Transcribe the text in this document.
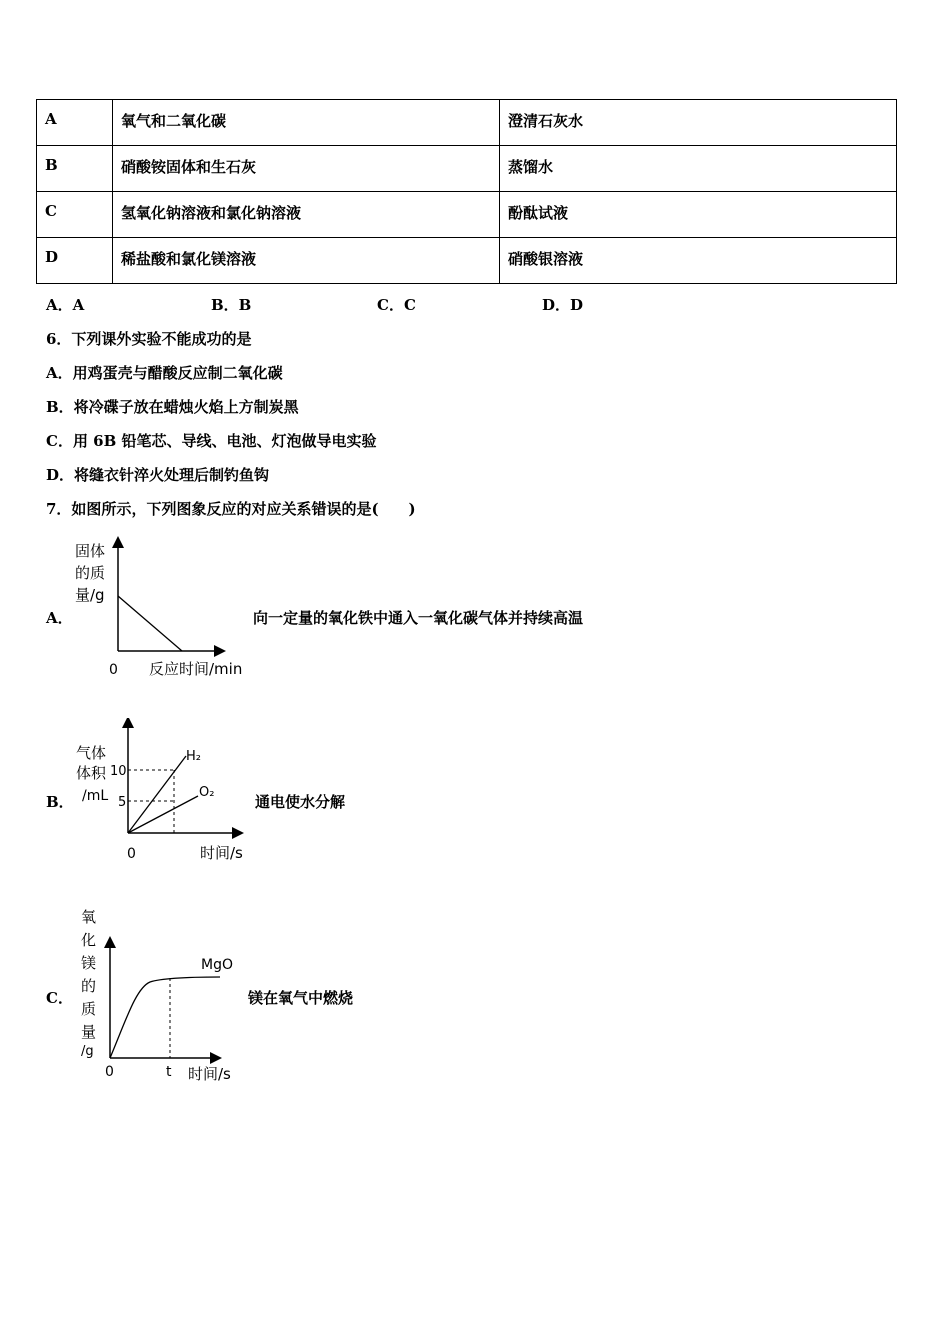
A	氧气和二氧化碳	澄清石灰水
B	硝酸铵固体和生石灰	蒸馏水
C	氢氧化钠溶液和氯化钠溶液	酚酞试液
D	稀盐酸和氯化镁溶液	硝酸银溶液
A．A	B．B	C．C	D．D
6．下列课外实验不能成功的是
A．用鸡蛋壳与醋酸反应制二氧化碳
B．将冷碟子放在蜡烛火焰上方制炭黑
C．用 6B 铅笔芯、导线、电池、灯泡做导电实验
D．将缝衣针淬火处理后制钓鱼钩
7．如图所示，下列图象反应的对应关系错误的是(　　)
A．
固体
的质
量/g
0 反应时间/min
向一定量的氧化铁中通入一氧化碳气体并持续高温
B．
气体
体积
/mL
10
5
H₂
O₂
0	时间/s
通电使水分解
C．
氧
化
镁
的
质
量
/g
MgO
0	t 时间/s
镁在氧气中燃烧
